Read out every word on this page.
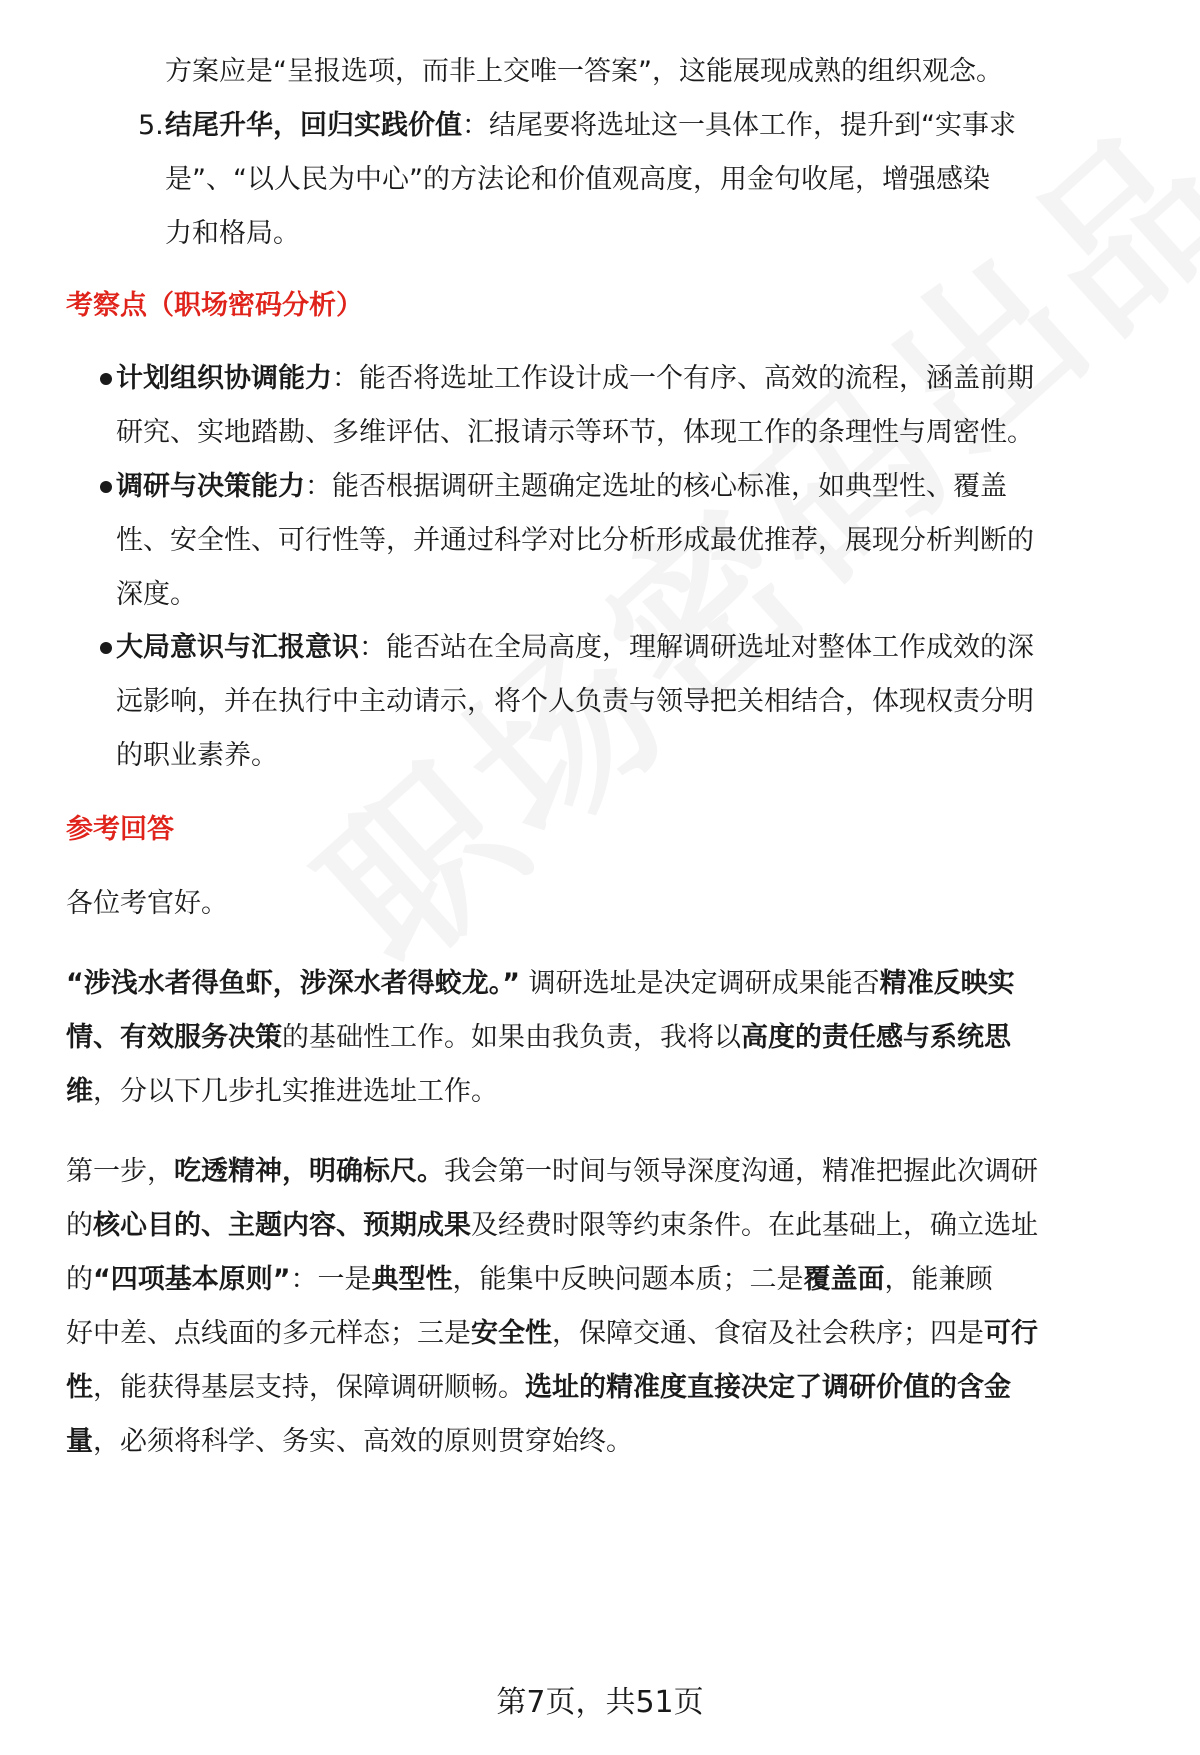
方案应是“呈报选项，而非上交唯一答案”，这能展现成熟的组织观念。
5. 结尾升华，回归实践价值：结尾要将选址这一具体工作，提升到“实事求
是”、“以人民为中心”的方法论和价值观高度，用金句收尾，增强感染
力和格局。
考察点（职场密码分析）
计划组织协调能力：能否将选址工作设计成一个有序、高效的流程，涵盖前期
研究、实地踏勘、多维评估、汇报请示等环节，体现工作的条理性与周密性。
调研与决策能力：能否根据调研主题确定选址的核心标准，如典型性、覆盖
性、安全性、可行性等，并通过科学对比分析形成最优推荐，展现分析判断的
深度。
大局意识与汇报意识：能否站在全局高度，理解调研选址对整体工作成效的深
远影响，并在执行中主动请示，将个人负责与领导把关相结合，体现权责分明
的职业素养。
参考回答
各位考官好。
“涉浅水者得鱼虾，涉深水者得蛟龙。” 调研选址是决定调研成果能否精准反映实
情、有效服务决策的基础性工作。如果由我负责，我将以高度的责任感与系统思
维，分以下几步扎实推进选址工作。
第一步，吃透精神，明确标尺。我会第一时间与领导深度沟通，精准把握此次调研
的核心目的、主题内容、预期成果及经费时限等约束条件。在此基础上，确立选址
的“四项基本原则”：一是典型性，能集中反映问题本质；二是覆盖面，能兼顾
好中差、点线面的多元样态；三是安全性，保障交通、食宿及社会秩序；四是可行
性，能获得基层支持，保障调研顺畅。选址的精准度直接决定了调研价值的含金
量，必须将科学、务实、高效的原则贯穿始终。
第7页，共51页
